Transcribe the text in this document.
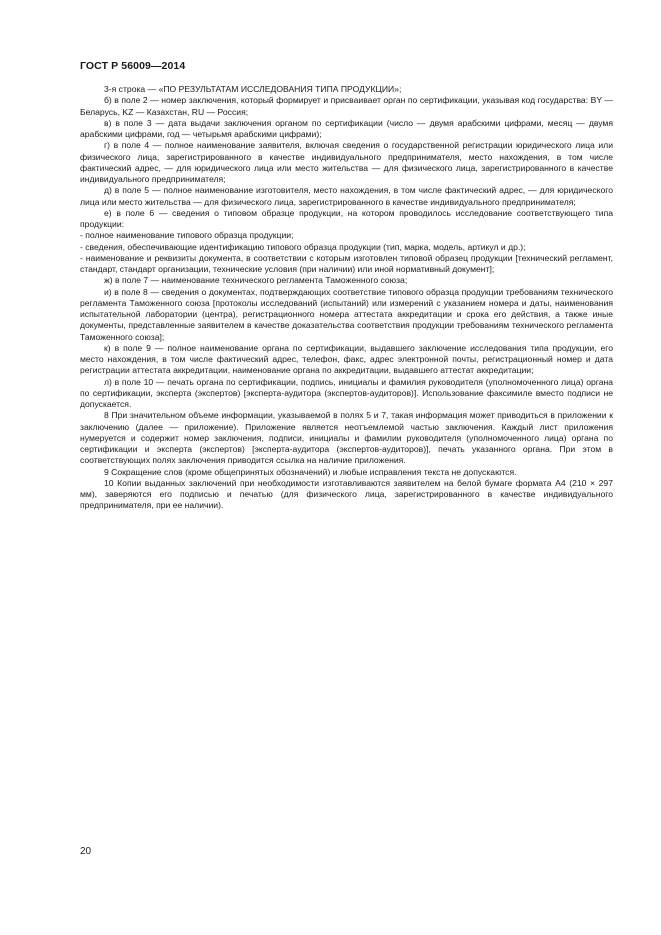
ГОСТ Р 56009—2014

3-я строка — «ПО РЕЗУЛЬТАТАМ ИССЛЕДОВАНИЯ ТИПА ПРОДУКЦИИ»;

б) в поле 2 — номер заключения, который формирует и присваивает орган по сертификации, указывая код государства: BY — Беларусь, KZ — Казахстан, RU — Россия;

в) в поле 3 — дата выдачи заключения органом по сертификации (число — двумя арабскими цифрами, месяц — двумя арабскими цифрами, год — четырьмя арабскими цифрами);

г) в поле 4 — полное наименование заявителя, включая сведения о государственной регистрации юридического лица или физического лица, зарегистрированного в качестве индивидуального предпринимателя, место нахождения, в том числе фактический адрес, — для юридического лица или место жительства — для физического лица, зарегистрированного в качестве индивидуального предпринимателя;

д) в поле 5 — полное наименование изготовителя, место нахождения, в том числе фактический адрес, — для юридического лица или место жительства — для физического лица, зарегистрированного в качестве индивидуального предпринимателя;

е) в поле 6 — сведения о типовом образце продукции, на котором проводилось исследование соответствующего типа продукции:

- полное наименование типового образца продукции;

- сведения, обеспечивающие идентификацию типового образца продукции (тип, марка, модель, артикул и др.);

- наименование и реквизиты документа, в соответствии с которым изготовлен типовой образец продукции [технический регламент, стандарт, стандарт организации, технические условия (при наличии) или иной нормативный документ];

ж) в поле 7 — наименование технического регламента Таможенного союза;

и) в поле 8 — сведения о документах, подтверждающих соответствие типового образца продукции требованиям технического регламента Таможенного союза [протоколы исследований (испытаний) или измерений с указанием номера и даты, наименования испытательной лаборатории (центра), регистрационного номера аттестата аккредитации и срока его действия, а также иные документы, представленные заявителем в качестве доказательства соответствия продукции требованиям технического регламента Таможенного союза];

к) в поле 9 — полное наименование органа по сертификации, выдавшего заключение исследования типа продукции, его место нахождения, в том числе фактический адрес, телефон, факс, адрес электронной почты, регистрационный номер и дата регистрации аттестата аккредитации, наименование органа по аккредитации, выдавшего аттестат аккредитации;

л) в поле 10 — печать органа по сертификации, подпись, инициалы и фамилия руководителя (уполномоченного лица) органа по сертификации, эксперта (экспертов) [эксперта-аудитора (экспертов-аудиторов)]. Использование факсимиле вместо подписи не допускается.

8 При значительном объеме информации, указываемой в полях 5 и 7, такая информация может приводиться в приложении к заключению (далее — приложение). Приложение является неотъемлемой частью заключения. Каждый лист приложения нумеруется и содержит номер заключения, подписи, инициалы и фамилии руководителя (уполномоченного лица) органа по сертификации и эксперта (экспертов) [эксперта-аудитора (экспертов-аудиторов)], печать указанного органа. При этом в соответствующих полях заключения приводится ссылка на наличие приложения.

9 Сокращение слов (кроме общепринятых обозначений) и любые исправления текста не допускаются.

10 Копии выданных заключений при необходимости изготавливаются заявителем на белой бумаге формата А4 (210 × 297 мм), заверяются его подписью и печатью (для физического лица, зарегистрированного в качестве индивидуального предпринимателя, при ее наличии).

20
